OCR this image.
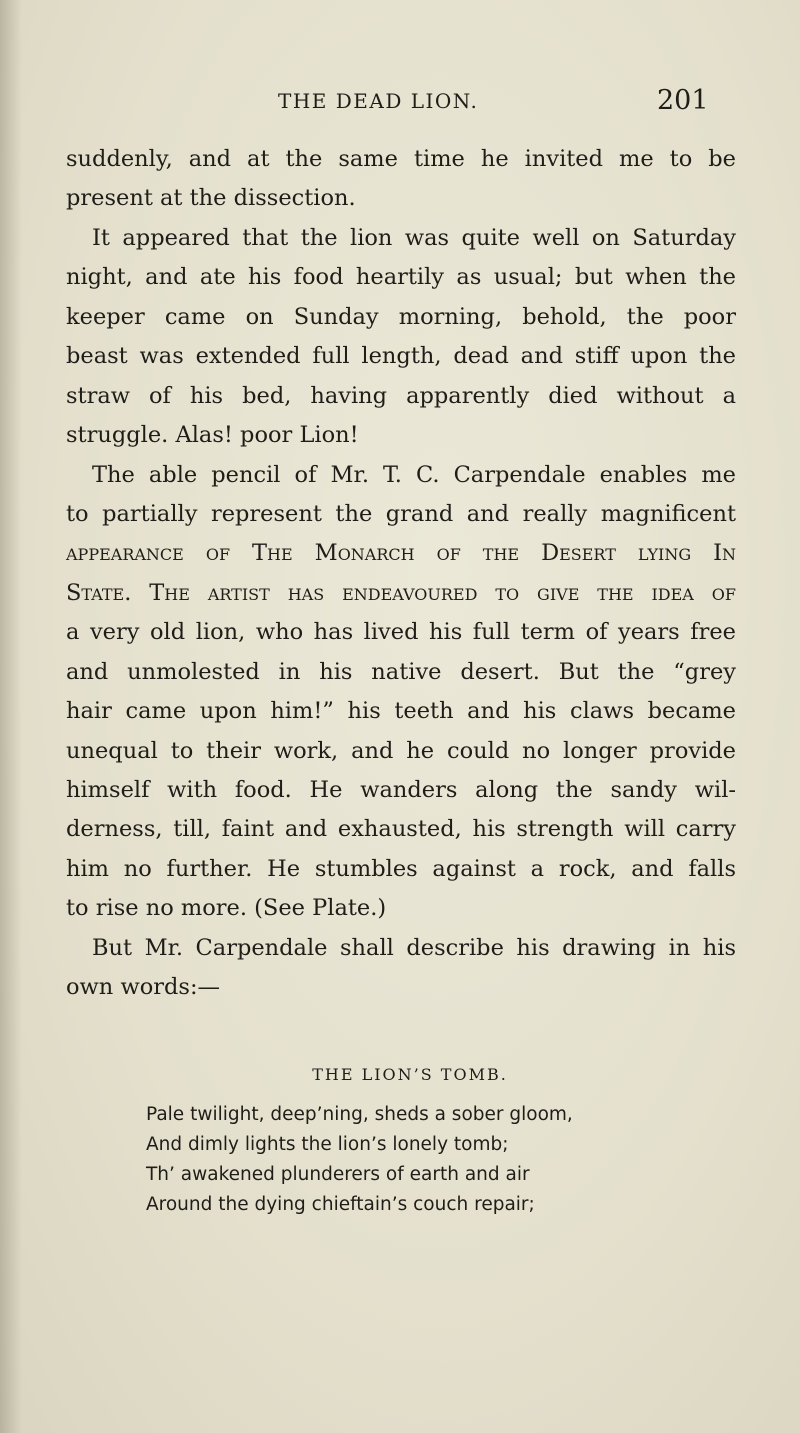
THE DEAD LION.	201
suddenly, and at the same time he invited me to be
present at the dissection.
It appeared that the lion was quite well on Saturday
night, and ate his food heartily as usual; but when the
keeper came on Sunday morning, behold, the poor
beast was extended full length, dead and stiff upon the
straw of his bed, having apparently died without a
struggle. Alas! poor Lion!
The able pencil of Mr. T. C. Carpendale enables me
to partially represent the grand and really magnificent
appearance of The Monarch of the Desert lying In
State. The artist has endeavoured to give the idea of
a very old lion, who has lived his full term of years free
and unmolested in his native desert. But the “grey
hair came upon him!” his teeth and his claws became
unequal to their work, and he could no longer provide
himself with food. He wanders along the sandy wil-
derness, till, faint and exhausted, his strength will carry
him no further. He stumbles against a rock, and falls
to rise no more. (See Plate.)
But Mr. Carpendale shall describe his drawing in his
own words:—
THE LION’S TOMB.
Pale twilight, deep’ning, sheds a sober gloom,
And dimly lights the lion’s lonely tomb;
Th’ awakened plunderers of earth and air
Around the dying chieftain’s couch repair;
